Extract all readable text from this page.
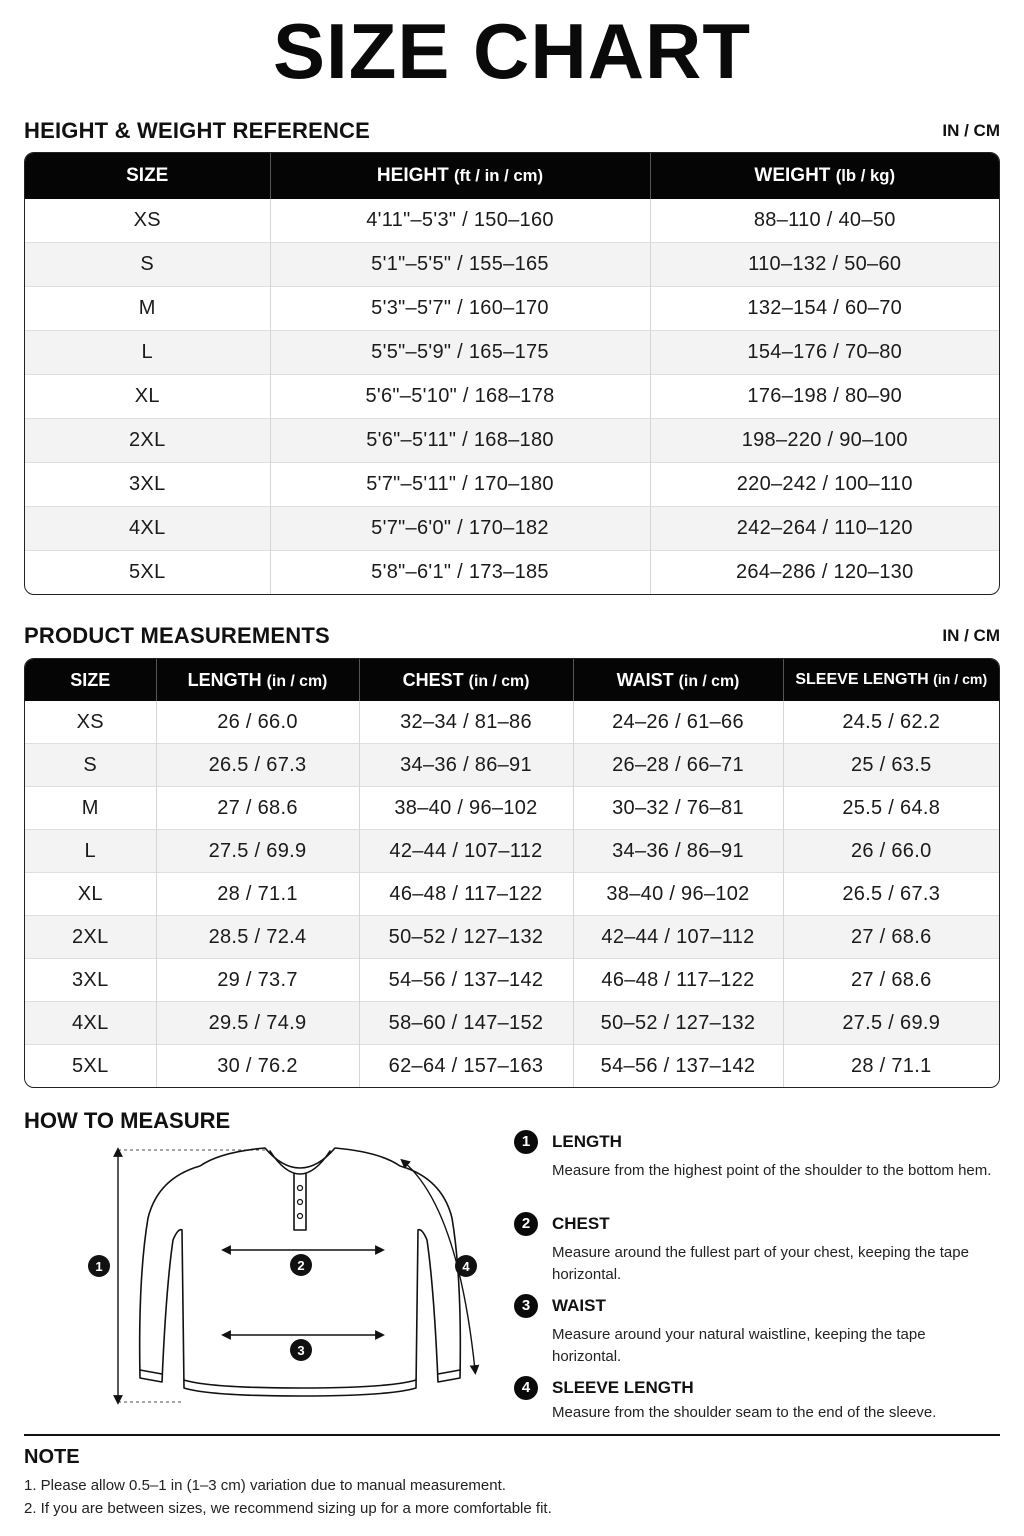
SIZE CHART
HEIGHT & WEIGHT REFERENCE	IN / CM
SIZE	HEIGHT (ft / in / cm)	WEIGHT (lb / kg)
XS	4'11"–5'3" / 150–160	88–110 / 40–50
S	5'1"–5'5" / 155–165	110–132 / 50–60
M	5'3"–5'7" / 160–170	132–154 / 60–70
L	5'5"–5'9" / 165–175	154–176 / 70–80
XL	5'6"–5'10" / 168–178	176–198 / 80–90
2XL	5'6"–5'11" / 168–180	198–220 / 90–100
3XL	5'7"–5'11" / 170–180	220–242 / 100–110
4XL	5'7"–6'0" / 170–182	242–264 / 110–120
5XL	5'8"–6'1" / 173–185	264–286 / 120–130
PRODUCT MEASUREMENTS	IN / CM
SIZE	LENGTH (in / cm)	CHEST (in / cm)	WAIST (in / cm)	SLEEVE LENGTH (in / cm)
XS	26 / 66.0	32–34 / 81–86	24–26 / 61–66	24.5 / 62.2
S	26.5 / 67.3	34–36 / 86–91	26–28 / 66–71	25 / 63.5
M	27 / 68.6	38–40 / 96–102	30–32 / 76–81	25.5 / 64.8
L	27.5 / 69.9	42–44 / 107–112	34–36 / 86–91	26 / 66.0
XL	28 / 71.1	46–48 / 117–122	38–40 / 96–102	26.5 / 67.3
2XL	28.5 / 72.4	50–52 / 127–132	42–44 / 107–112	27 / 68.6
3XL	29 / 73.7	54–56 / 137–142	46–48 / 117–122	27 / 68.6
4XL	29.5 / 74.9	58–60 / 147–152	50–52 / 127–132	27.5 / 69.9
5XL	30 / 76.2	62–64 / 157–163	54–56 / 137–142	28 / 71.1
HOW TO MEASURE
1	2
3
4
1	LENGTH
Measure from the highest point of the shoulder to the bottom hem.
2	CHEST
Measure around the fullest part of your chest, keeping the tape horizontal.
3	WAIST
Measure around your natural waistline, keeping the tape horizontal.
4	SLEEVE LENGTH
Measure from the shoulder seam to the end of the sleeve.
NOTE
1. Please allow 0.5–1 in (1–3 cm) variation due to manual measurement.
2. If you are between sizes, we recommend sizing up for a more comfortable fit.
